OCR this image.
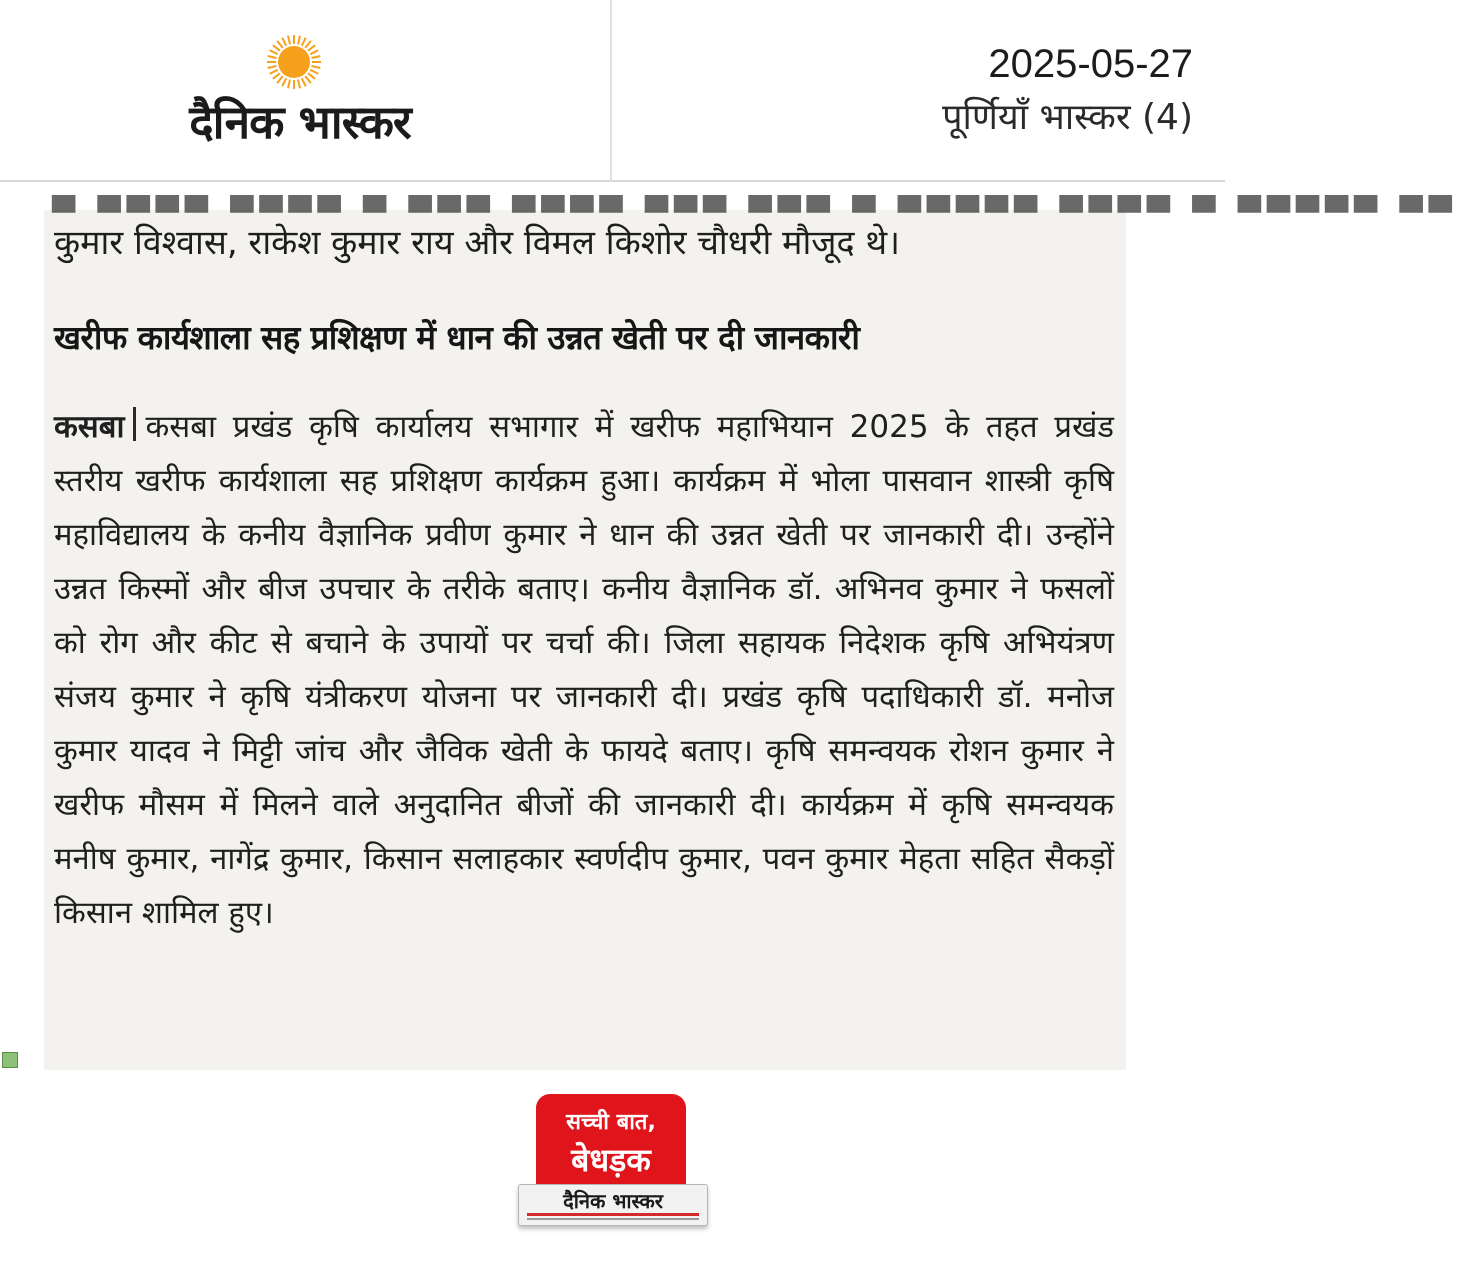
दैनिक भास्कर
2025-05-27
पूर्णियाँ भास्कर (4)
▀ ▀▀▀▀ ▀▀▀▀ ▀ ▀▀▀ ▀▀▀▀ ▀▀▀ ▀▀▀ ▀ ▀▀▀▀▀ ▀▀▀▀ ▀ ▀▀▀▀▀ ▀▀
कुमार विश्वास, राकेश कुमार राय और विमल किशोर चौधरी मौजूद थे।
खरीफ कार्यशाला सह प्रशिक्षण में धान की उन्नत खेती पर दी जानकारी

कसबा कसबा प्रखंड कृषि कार्यालय सभागार में खरीफ महाभियान 2025 के तहत प्रखंड स्तरीय खरीफ कार्यशाला सह प्रशिक्षण कार्यक्रम हुआ। कार्यक्रम में भोला पासवान शास्त्री कृषि महाविद्यालय के कनीय वैज्ञानिक प्रवीण कुमार ने धान की उन्नत खेती पर जानकारी दी। उन्होंने उन्नत किस्मों और बीज उपचार के तरीके बताए। कनीय वैज्ञानिक डॉ. अभिनव कुमार ने फसलों को रोग और कीट से बचाने के उपायों पर चर्चा की। जिला सहायक निदेशक कृषि अभियंत्रण संजय कुमार ने कृषि यंत्रीकरण योजना पर जानकारी दी। प्रखंड कृषि पदाधिकारी डॉ. मनोज कुमार यादव ने मिट्टी जांच और जैविक खेती के फायदे बताए। कृषि समन्वयक रोशन कुमार ने खरीफ मौसम में मिलने वाले अनुदानित बीजों की जानकारी दी। कार्यक्रम में कृषि समन्वयक मनीष कुमार, नागेंद्र कुमार, किसान सलाहकार स्वर्णदीप कुमार, पवन कुमार मेहता सहित सैकड़ों किसान शामिल हुए।

सच्ची बात,
बेधड़क
दैनिक भास्कर
